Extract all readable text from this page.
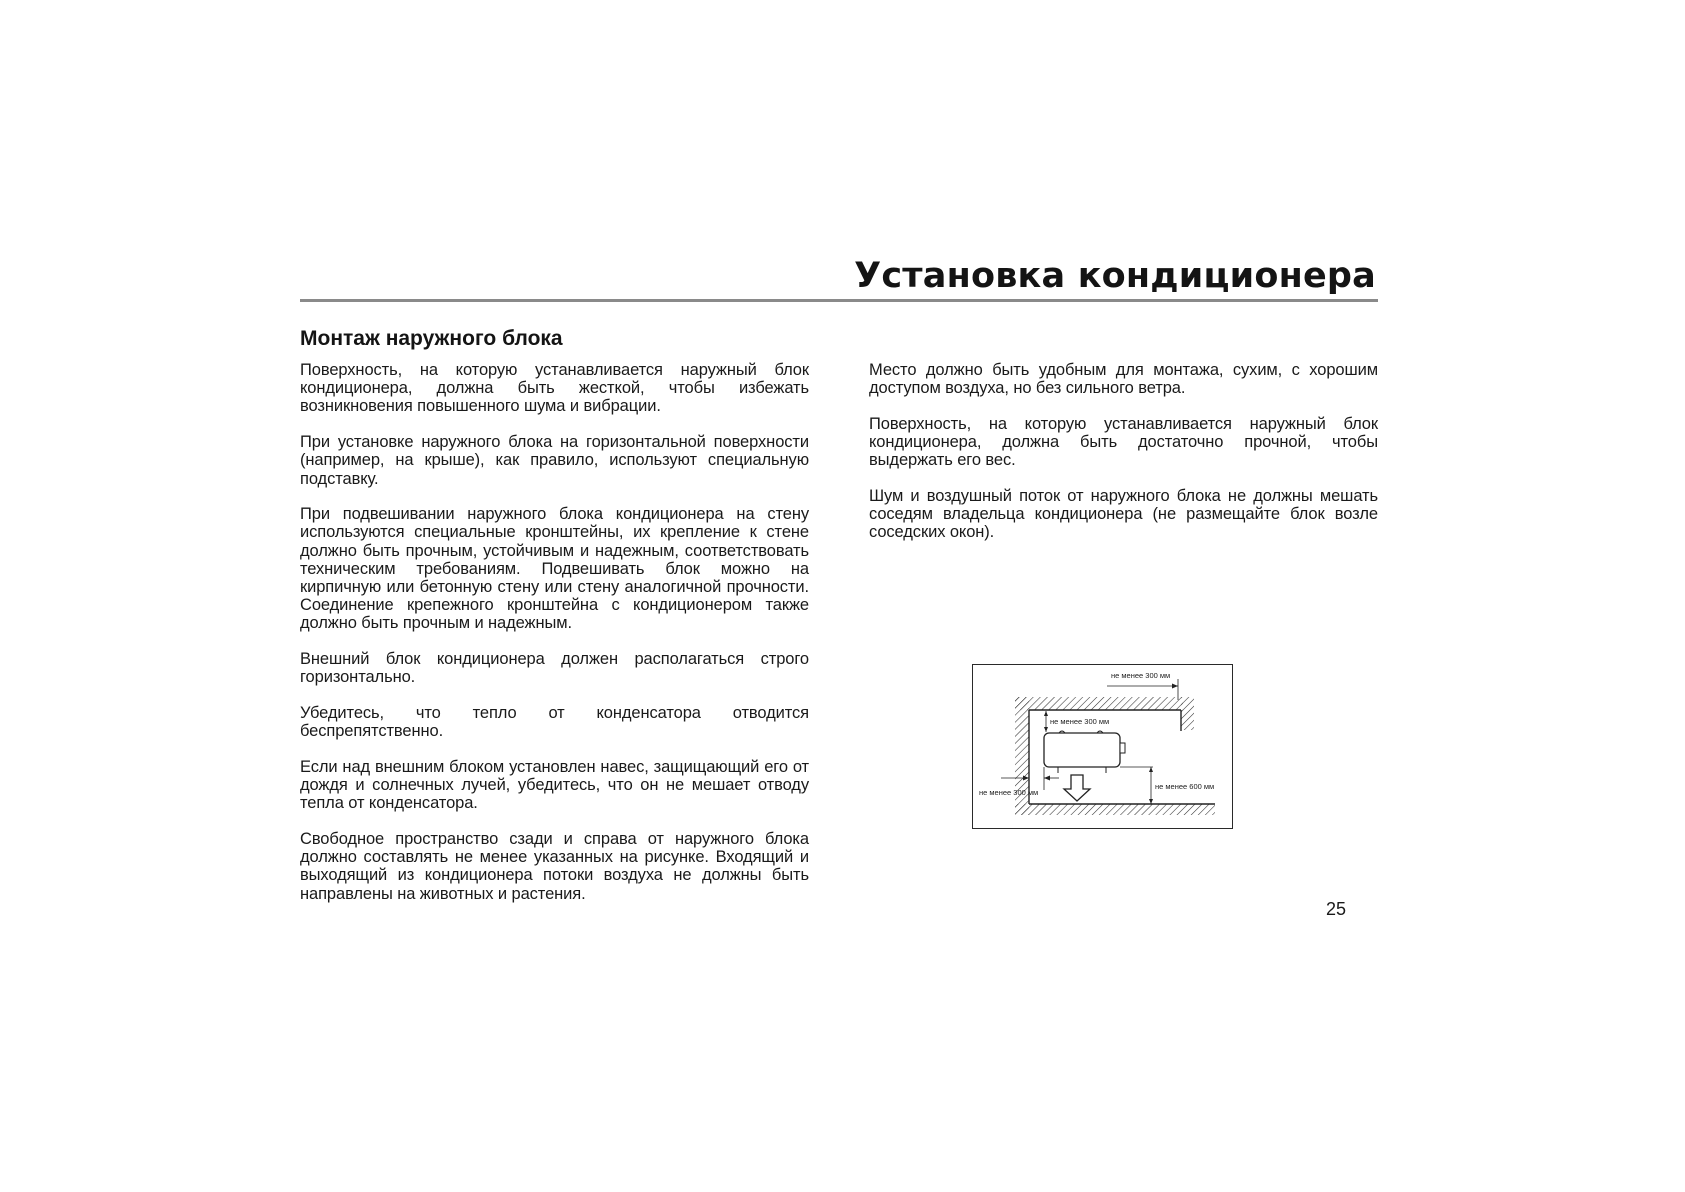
Установка кондиционера
Монтаж наружного блока

Поверхность, на которую устанавливается наружный блок кондиционера, должна быть жесткой, чтобы избежать возникновения повышенного шума и вибрации.

При установке наружного блока на горизонтальной поверхности (например, на крыше), как правило, используют специальную подставку.

При подвешивании наружного блока кондиционера на стену используются специальные кронштейны, их крепление к стене должно быть прочным, устойчивым и надежным, соответствовать техническим требованиям. Подвешивать блок можно на кирпичную или бетонную стену или стену аналогичной прочности. Соединение крепежного кронштейна с кондиционером также должно быть прочным и надежным.

Внешний блок кондиционера должен располагаться строго горизонтально.

Убедитесь, что тепло от конденсатора отводится беспрепятственно.

Если над внешним блоком установлен навес, защищающий его от дождя и солнечных лучей, убедитесь, что он не мешает отводу тепла от конденсатора.

Свободное пространство сзади и справа от наружного блока должно составлять не менее указанных на рисунке. Входящий и выходящий из кондиционера потоки воздуха не должны быть направлены на животных и растения.

Место должно быть удобным для монтажа, сухим, с хорошим доступом воздуха, но без сильного ветра.

Поверхность, на которую устанавливается наружный блок кондиционера, должна быть достаточно прочной, чтобы выдержать его вес.

Шум и воздушный поток от наружного блока не должны мешать соседям владельца кондиционера (не размещайте блок возле соседских окон).

не менее 300 мм
не менее 300 мм
не менее 300 мм
не менее 600 мм
25
